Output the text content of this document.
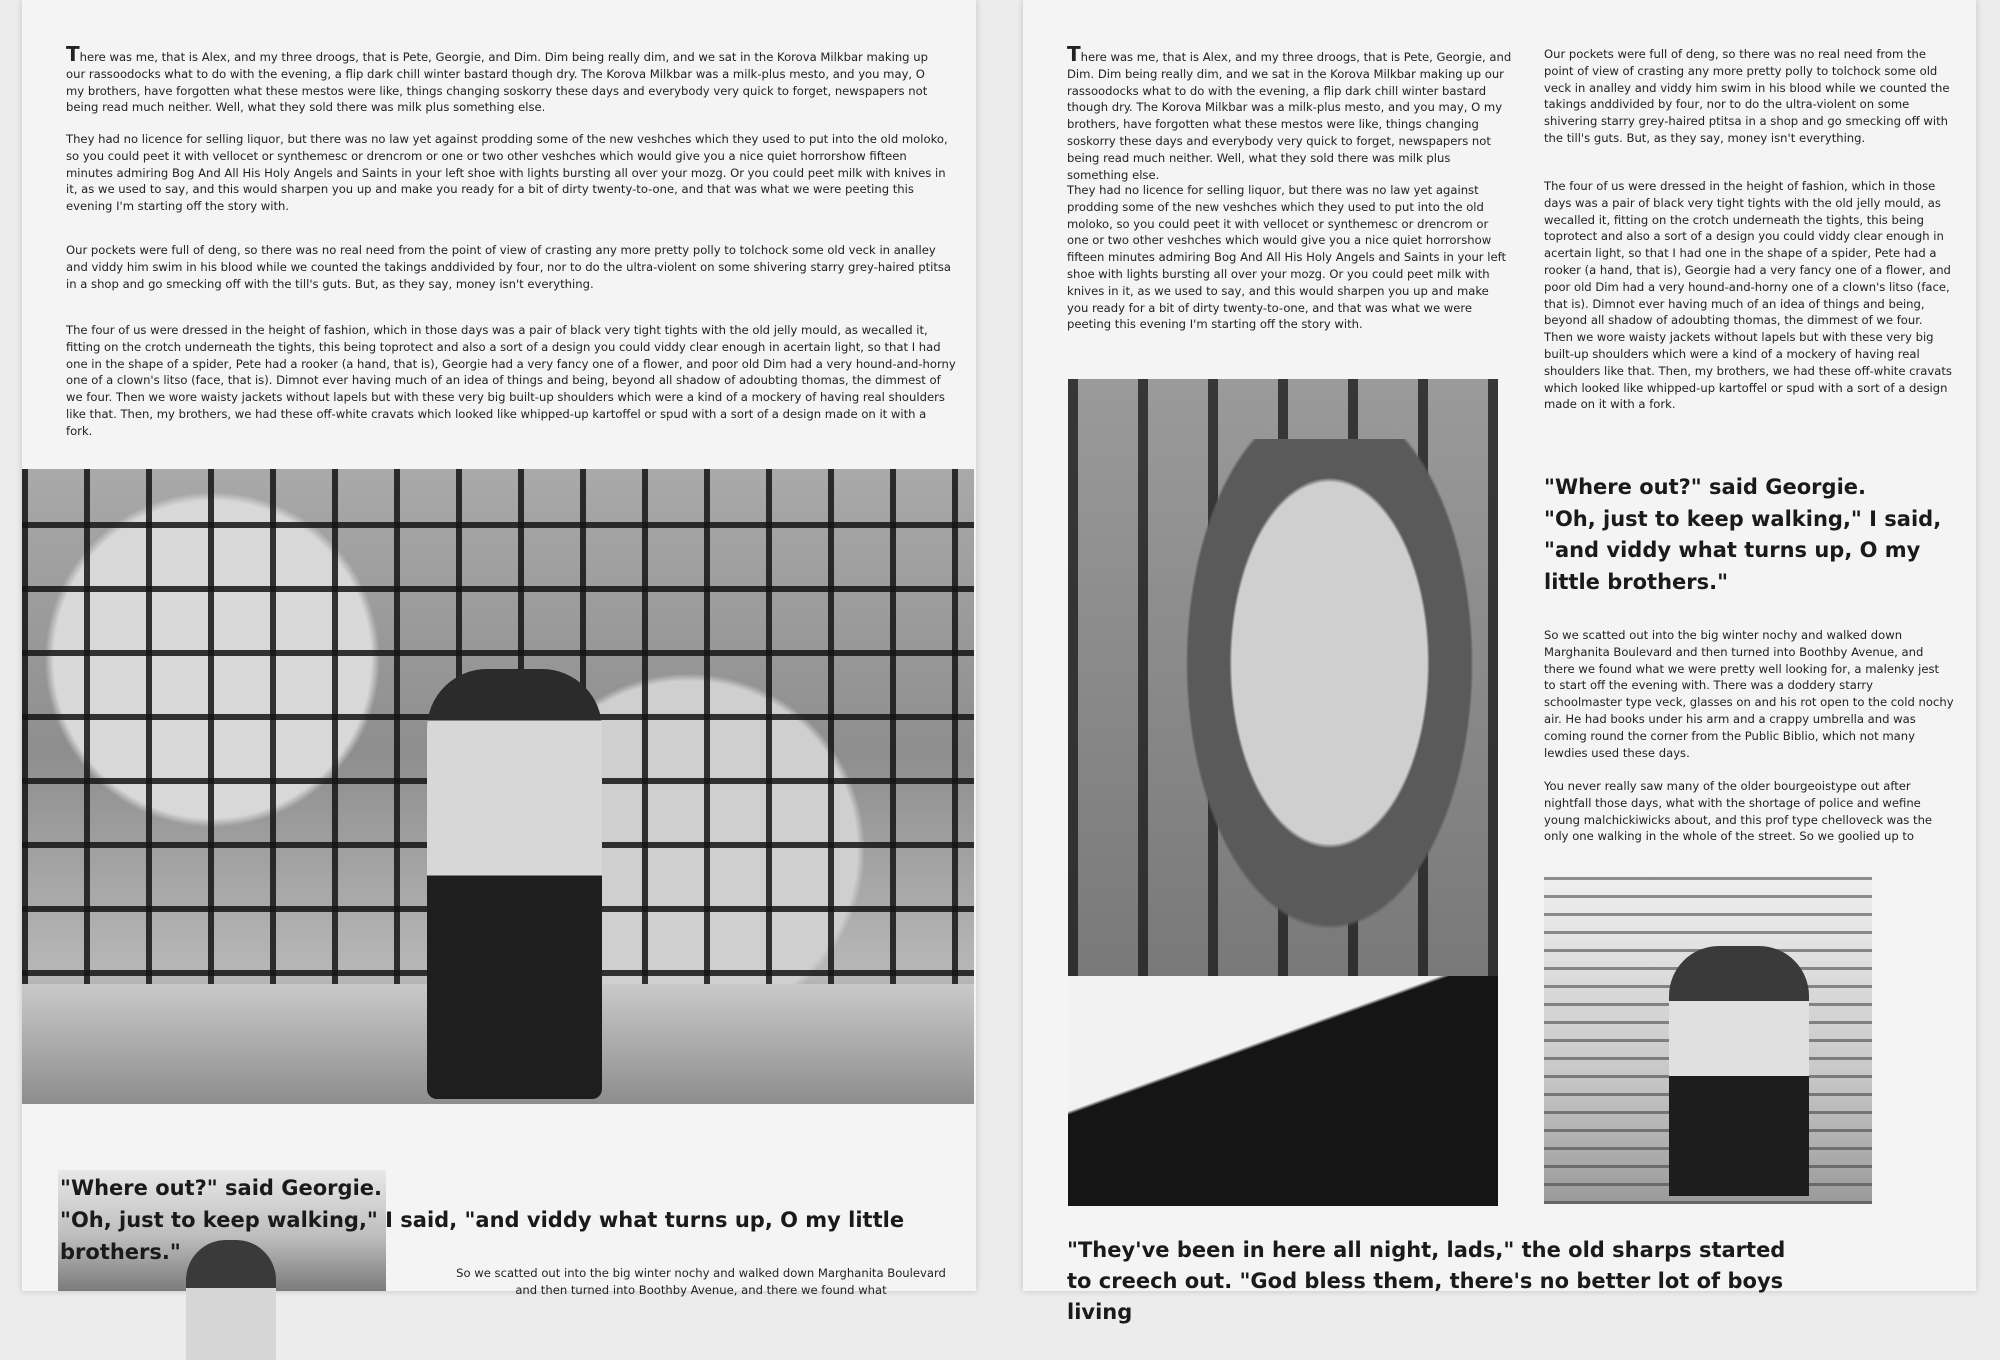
There was me, that is Alex, and my three droogs, that is Pete, Georgie, and Dim. Dim being really dim, and we sat in the Korova Milkbar making up our rassoodocks what to do with the evening, a flip dark chill winter bastard though dry. The Korova Milkbar was a milk-plus mesto, and you may, O my brothers, have forgotten what these mestos were like, things changing soskorry these days and everybody very quick to forget, newspapers not being read much neither. Well, what they sold there was milk plus something else.

They had no licence for selling liquor, but there was no law yet against prodding some of the new veshches which they used to put into the old moloko, so you could peet it with vellocet or synthemesc or drencrom or one or two other veshches which would give you a nice quiet horrorshow fifteen minutes admiring Bog And All His Holy Angels and Saints in your left shoe with lights bursting all over your mozg. Or you could peet milk with knives in it, as we used to say, and this would sharpen you up and make you ready for a bit of dirty twenty-to-one, and that was what we were peeting this evening I'm starting off the story with.

Our pockets were full of deng, so there was no real need from the point of view of crasting any more pretty polly to tolchock some old veck in analley and viddy him swim in his blood while we counted the takings anddivided by four, nor to do the ultra-violent on some shivering starry grey-haired ptitsa in a shop and go smecking off with the till's guts. But, as they say, money isn't everything.

The four of us were dressed in the height of fashion, which in those days was a pair of black very tight tights with the old jelly mould, as wecalled it, fitting on the crotch underneath the tights, this being toprotect and also a sort of a design you could viddy clear enough in acertain light, so that I had one in the shape of a spider, Pete had a rooker (a hand, that is), Georgie had a very fancy one of a flower, and poor old Dim had a very hound-and-horny one of a clown's litso (face, that is). Dimnot ever having much of an idea of things and being, beyond all shadow of adoubting thomas, the dimmest of we four. Then we wore waisty jackets without lapels but with these very big built-up shoulders which were a kind of a mockery of having real shoulders like that. Then, my brothers, we had these off-white cravats which looked like whipped-up kartoffel or spud with a sort of a design made on it with a fork.

"Where out?" said Georgie.
"Oh, just to keep walking," I said, "and viddy what turns up, O my little brothers."

So we scatted out into the big winter nochy and walked down Marghanita Boulevard and then turned into Boothby Avenue, and there we found what

There was me, that is Alex, and my three droogs, that is Pete, Georgie, and Dim. Dim being really dim, and we sat in the Korova Milkbar making up our rassoodocks what to do with the evening, a flip dark chill winter bastard though dry. The Korova Milkbar was a milk-plus mesto, and you may, O my brothers, have forgotten what these mestos were like, things changing soskorry these days and everybody very quick to forget, newspapers not being read much neither. Well, what they sold there was milk plus something else.

They had no licence for selling liquor, but there was no law yet against prodding some of the new veshches which they used to put into the old moloko, so you could peet it with vellocet or synthemesc or drencrom or one or two other veshches which would give you a nice quiet horrorshow fifteen minutes admiring Bog And All His Holy Angels and Saints in your left shoe with lights bursting all over your mozg. Or you could peet milk with knives in it, as we used to say, and this would sharpen you up and make you ready for a bit of dirty twenty-to-one, and that was what we were peeting this evening I'm starting off the story with.

Our pockets were full of deng, so there was no real need from the point of view of crasting any more pretty polly to tolchock some old veck in analley and viddy him swim in his blood while we counted the takings anddivided by four, nor to do the ultra-violent on some shivering starry grey-haired ptitsa in a shop and go smecking off with the till's guts. But, as they say, money isn't everything.

The four of us were dressed in the height of fashion, which in those days was a pair of black very tight tights with the old jelly mould, as wecalled it, fitting on the crotch underneath the tights, this being toprotect and also a sort of a design you could viddy clear enough in acertain light, so that I had one in the shape of a spider, Pete had a rooker (a hand, that is), Georgie had a very fancy one of a flower, and poor old Dim had a very hound-and-horny one of a clown's litso (face, that is). Dimnot ever having much of an idea of things and being, beyond all shadow of adoubting thomas, the dimmest of we four. Then we wore waisty jackets without lapels but with these very big built-up shoulders which were a kind of a mockery of having real shoulders like that. Then, my brothers, we had these off-white cravats which looked like whipped-up kartoffel or spud with a sort of a design made on it with a fork.

"Where out?" said Georgie.
"Oh, just to keep walking," I said, "and viddy what turns up, O my little brothers."

So we scatted out into the big winter nochy and walked down Marghanita Boulevard and then turned into Boothby Avenue, and there we found what we were pretty well looking for, a malenky jest to start off the evening with. There was a doddery starry schoolmaster type veck, glasses on and his rot open to the cold nochy air. He had books under his arm and a crappy umbrella and was coming round the corner from the Public Biblio, which not many lewdies used these days.

You never really saw many of the older bourgeoistype out after nightfall those days, what with the shortage of police and wefine young malchickiwicks about, and this prof type chelloveck was the only one walking in the whole of the street. So we goolied up to

"They've been in here all night, lads," the old sharps started to creech out. "God bless them, there's no better lot of boys living
